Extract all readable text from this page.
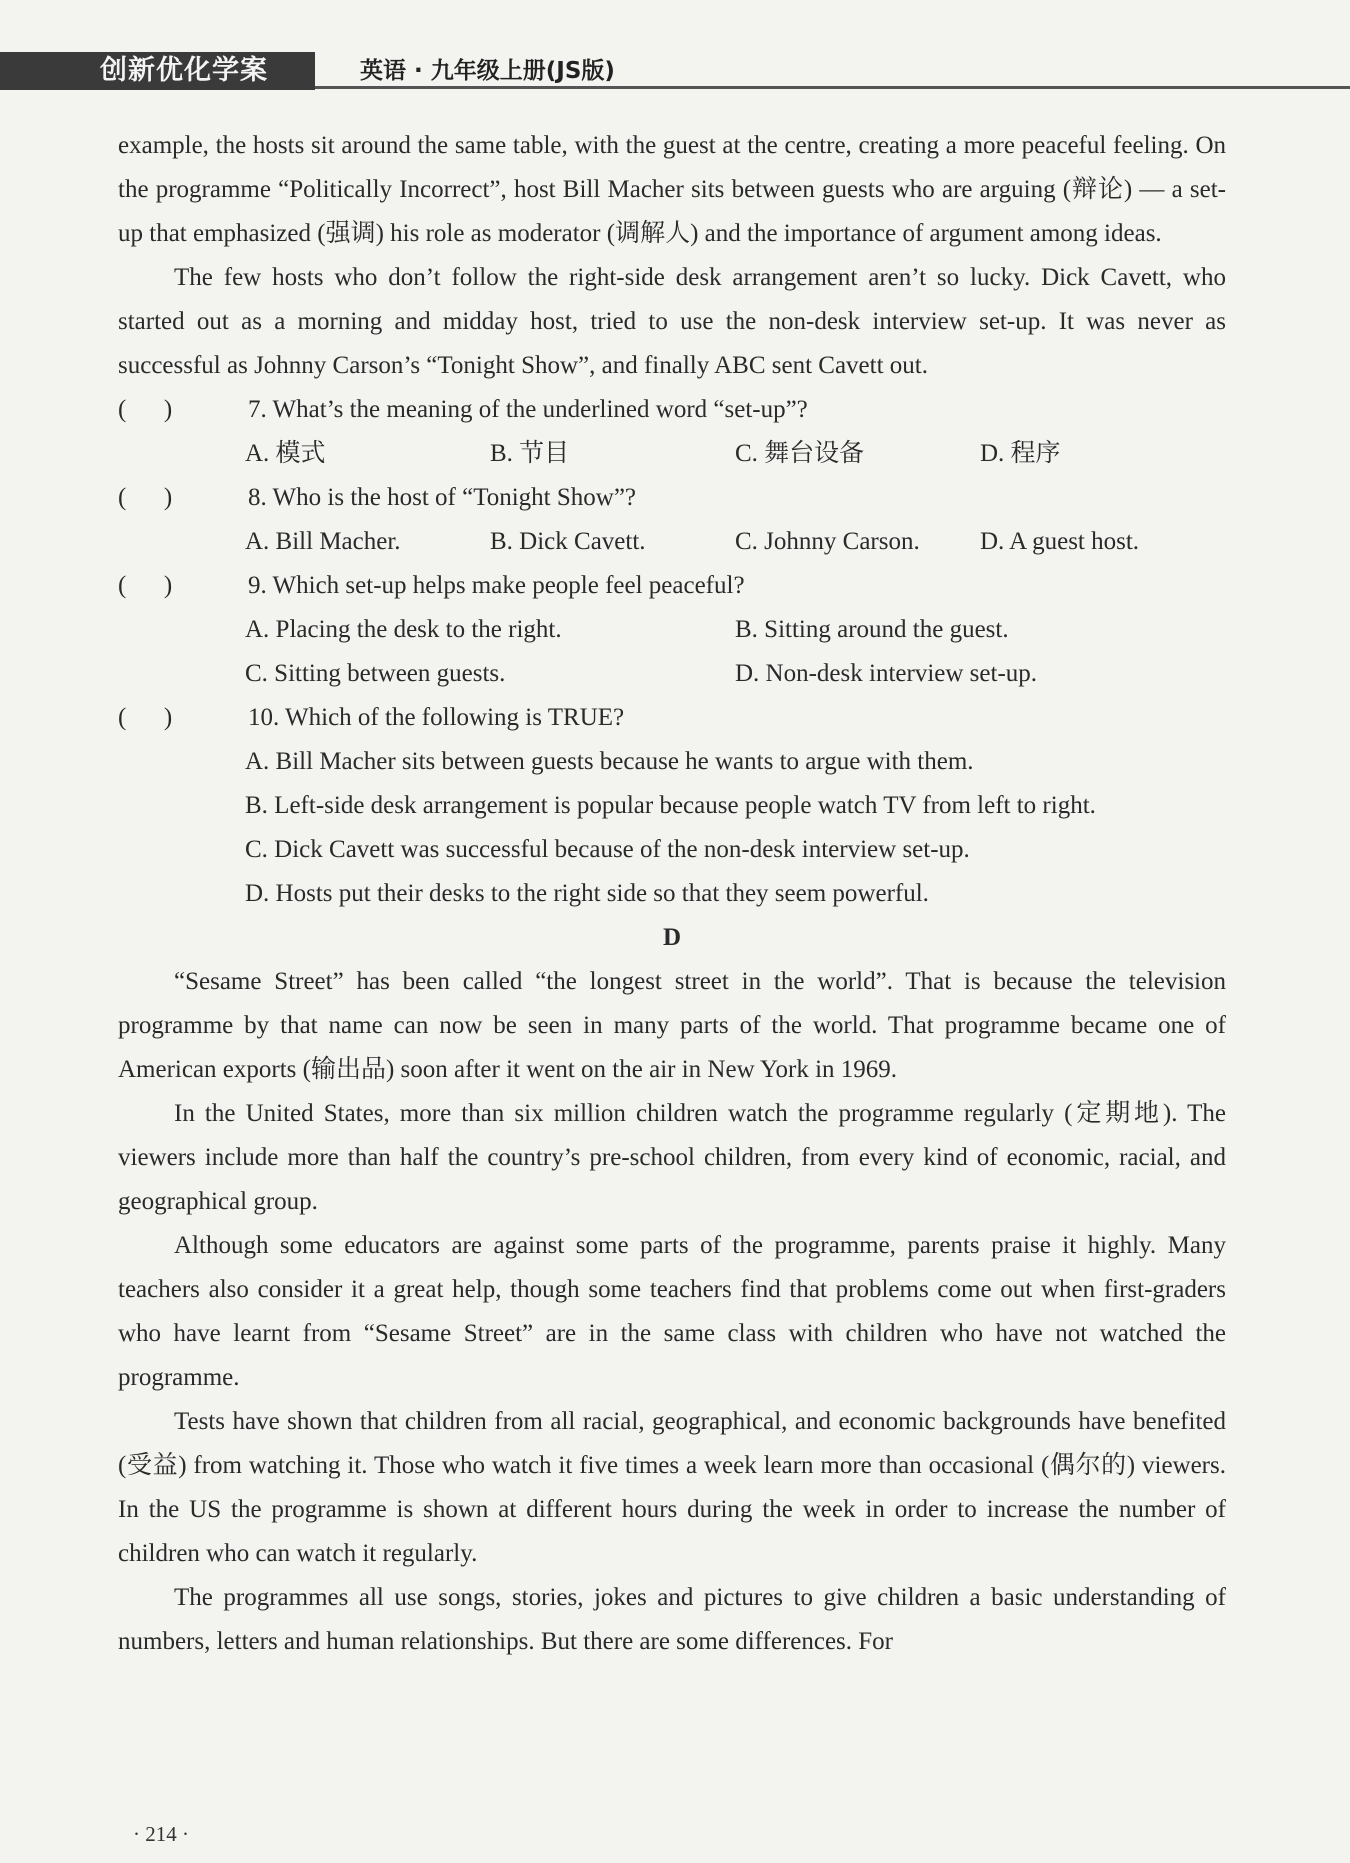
创新优化学案	英语 · 九年级上册(JS版)

example, the hosts sit around the same table, with the guest at the centre, creating a more peaceful feeling. On the programme “Politically Incorrect”, host Bill Macher sits between guests who are arguing (辩论) — a set-up that emphasized (强调) his role as moderator (调解人) and the importance of argument among ideas.

The few hosts who don’t follow the right-side desk arrangement aren’t so lucky. Dick Cavett, who started out as a morning and midday host, tried to use the non-desk interview set-up. It was never as successful as Johnny Carson’s “Tonight Show”, and finally ABC sent Cavett out.

(      )	7. What’s the meaning of the underlined word “set-up”?
A. 模式	B. 节目	C. 舞台设备	D. 程序
(      )	8. Who is the host of “Tonight Show”?
A. Bill Macher.	B. Dick Cavett.	C. Johnny Carson.	D. A guest host.
(      )	9. Which set-up helps make people feel peaceful?
A. Placing the desk to the right.	B. Sitting around the guest.
C. Sitting between guests.	D. Non-desk interview set-up.
(      )	10. Which of the following is TRUE?
A. Bill Macher sits between guests because he wants to argue with them.
B. Left-side desk arrangement is popular because people watch TV from left to right.
C. Dick Cavett was successful because of the non-desk interview set-up.
D. Hosts put their desks to the right side so that they seem powerful.
D

“Sesame Street” has been called “the longest street in the world”. That is because the television programme by that name can now be seen in many parts of the world. That programme became one of American exports (输出品) soon after it went on the air in New York in 1969.

In the United States, more than six million children watch the programme regularly (定期地). The viewers include more than half the country’s pre-school children, from every kind of economic, racial, and geographical group.

Although some educators are against some parts of the programme, parents praise it highly. Many teachers also consider it a great help, though some teachers find that problems come out when first-graders who have learnt from “Sesame Street” are in the same class with children who have not watched the programme.

Tests have shown that children from all racial, geographical, and economic backgrounds have benefited (受益) from watching it. Those who watch it five times a week learn more than occasional (偶尔的) viewers. In the US the programme is shown at different hours during the week in order to increase the number of children who can watch it regularly.

The programmes all use songs, stories, jokes and pictures to give children a basic understanding of numbers, letters and human relationships. But there are some differences. For

· 214 ·
